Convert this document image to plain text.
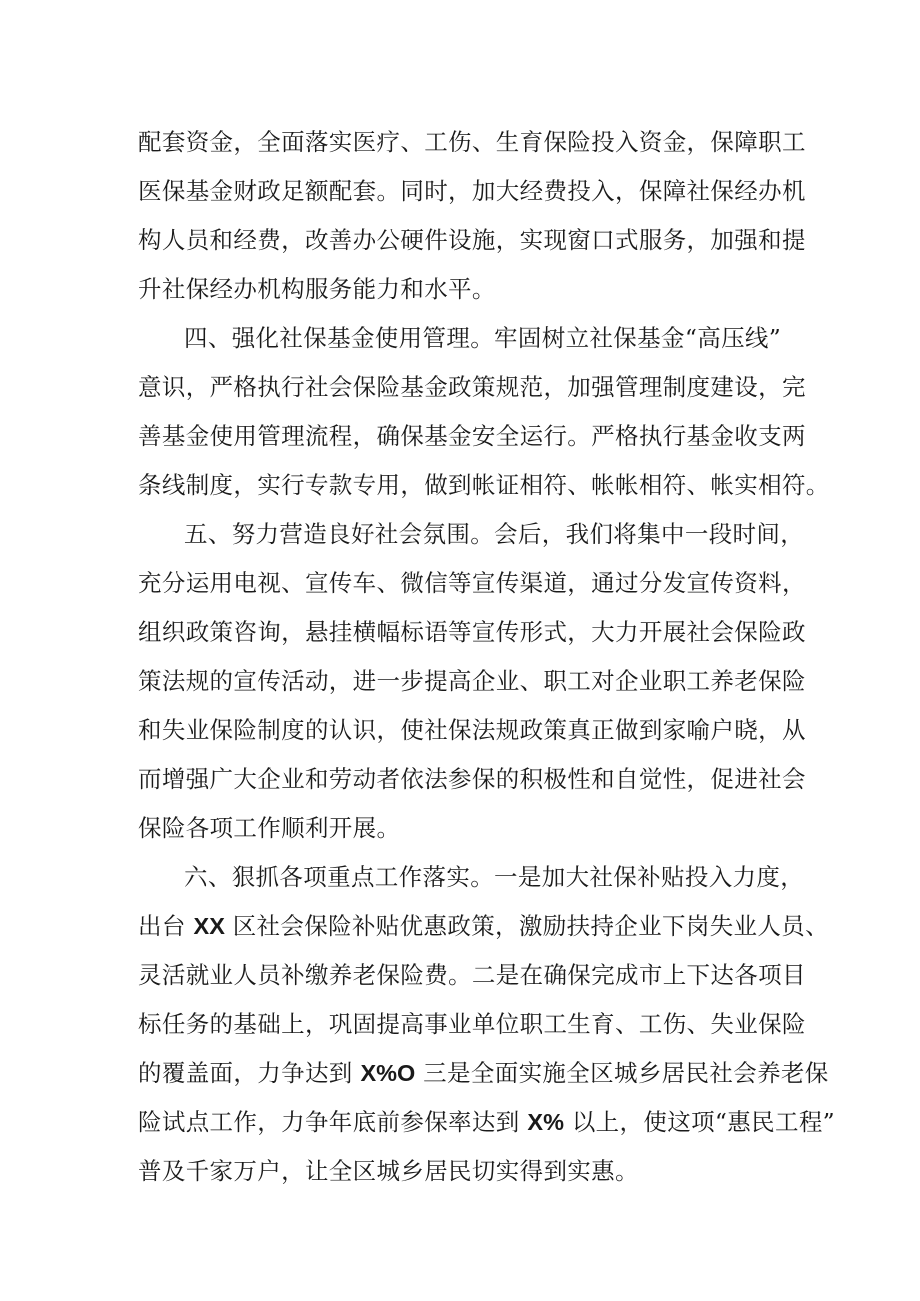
配套资金，全面落实医疗、工伤、生育保险投入资金，保障职工
医保基金财政足额配套。同时，加大经费投入，保障社保经办机
构人员和经费，改善办公硬件设施，实现窗口式服务，加强和提
升社保经办机构服务能力和水平。
四、强化社保基金使用管理。牢固树立社保基金“高压线”
意识，严格执行社会保险基金政策规范，加强管理制度建设，完
善基金使用管理流程，确保基金安全运行。严格执行基金收支两
条线制度，实行专款专用，做到帐证相符、帐帐相符、帐实相符。
五、努力营造良好社会氛围。会后，我们将集中一段时间，
充分运用电视、宣传车、微信等宣传渠道，通过分发宣传资料，
组织政策咨询，悬挂横幅标语等宣传形式，大力开展社会保险政
策法规的宣传活动，进一步提高企业、职工对企业职工养老保险
和失业保险制度的认识，使社保法规政策真正做到家喻户晓，从
而增强广大企业和劳动者依法参保的积极性和自觉性，促进社会
保险各项工作顺利开展。
六、狠抓各项重点工作落实。一是加大社保补贴投入力度，
出台 XX 区社会保险补贴优惠政策，激励扶持企业下岗失业人员、
灵活就业人员补缴养老保险费。二是在确保完成市上下达各项目
标任务的基础上，巩固提高事业单位职工生育、工伤、失业保险
的覆盖面，力争达到 X%O 三是全面实施全区城乡居民社会养老保
险试点工作，力争年底前参保率达到 X% 以上，使这项“惠民工程”
普及千家万户，让全区城乡居民切实得到实惠。
